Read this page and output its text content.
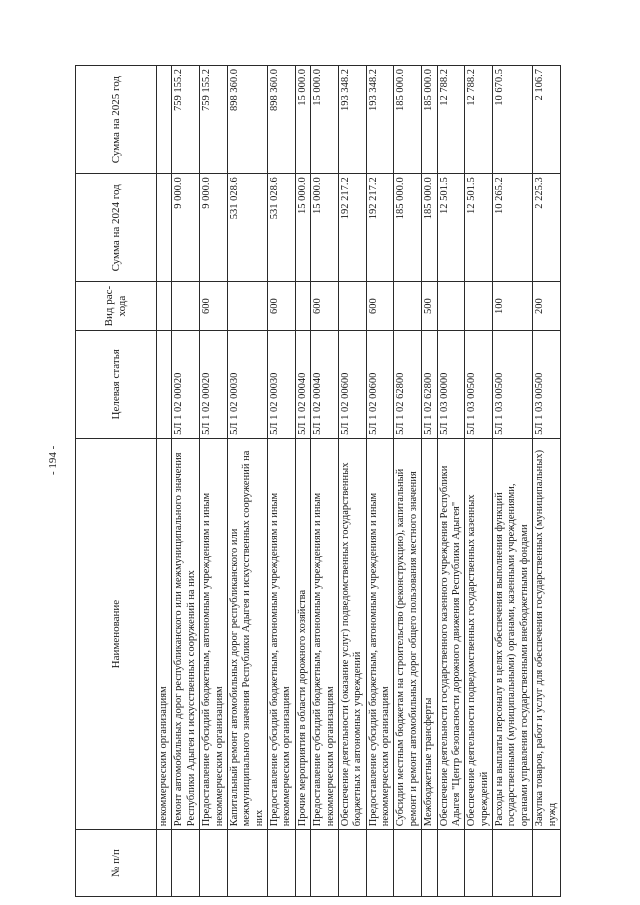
- 194 -
№ п/п	Наименование	Целевая статья	Вид рас-хода	Сумма на 2024 год	Сумма на 2025 год
	некоммерческим организациям				
	Ремонт автомобильных дорог республиканского или межмуниципального значения Республики Адыгея и искусственных сооружений на них	5Л 1 02 00020		9 000.0	759 155.2
	Предоставление субсидий бюджетным, автономным учреждениям и иным некоммерческим организациям	5Л 1 02 00020	600	9 000.0	759 155.2
	Капитальный ремонт автомобильных дорог республиканского или межмуниципального значения Республики Адыгея и искусственных сооружений на них	5Л 1 02 00030		531 028.6	898 360.0
	Предоставление субсидий бюджетным, автономным учреждениям и иным некоммерческим организациям	5Л 1 02 00030	600	531 028.6	898 360.0
	Прочие мероприятия в области дорожного хозяйства	5Л 1 02 00040		15 000.0	15 000.0
	Предоставление субсидий бюджетным, автономным учреждениям и иным некоммерческим организациям	5Л 1 02 00040	600	15 000.0	15 000.0
	Обеспечение деятельности (оказание услуг) подведомственных государственных бюджетных и автономных учреждений	5Л 1 02 00600		192 217.2	193 348.2
	Предоставление субсидий бюджетным, автономным учреждениям и иным некоммерческим организациям	5Л 1 02 00600	600	192 217.2	193 348.2
	Субсидии местным бюджетам на строительство (реконструкцию), капитальный ремонт и ремонт автомобильных дорог общего пользования местного значения	5Л 1 02 62800		185 000.0	185 000.0
	Межбюджетные трансферты	5Л 1 02 62800	500	185 000.0	185 000.0
	Обеспечение деятельности государственного казенного учреждения Республики Адыгея "Центр безопасности дорожного движения Республики Адыгея"	5Л 1 03 00000		12 501.5	12 788.2
	Обеспечение деятельности подведомственных государственных казенных учреждений	5Л 1 03 00500		12 501.5	12 788.2
	Расходы на выплаты персоналу в целях обеспечения выполнения функций государственными (муниципальными) органами, казенными учреждениями, органами управления государственными внебюджетными фондами	5Л 1 03 00500	100	10 265.2	10 670.5
	Закупка товаров, работ и услуг для обеспечения государственных (муниципальных) нужд	5Л 1 03 00500	200	2 225.3	2 106.7
